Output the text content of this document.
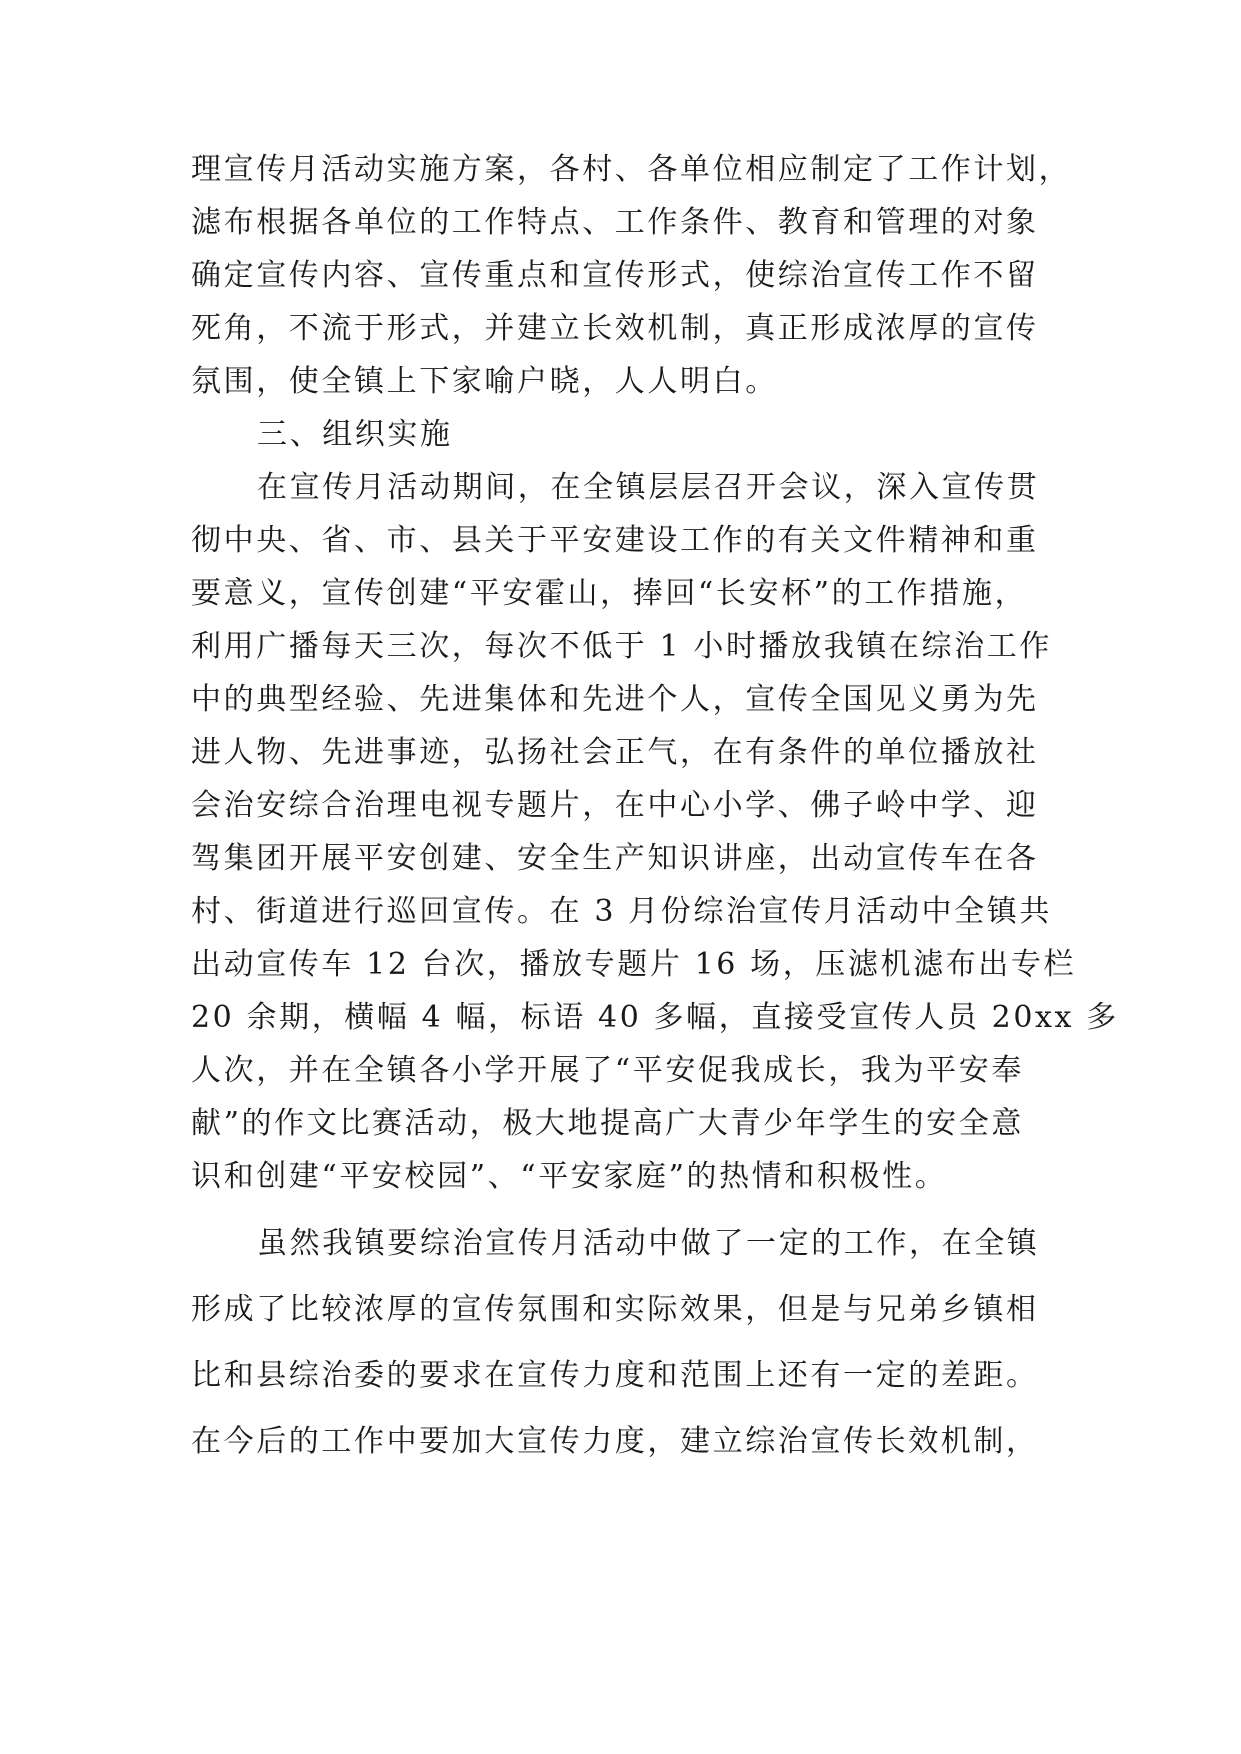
理宣传月活动实施方案，各村、各单位相应制定了工作计划，
滤布根据各单位的工作特点、工作条件、教育和管理的对象
确定宣传内容、宣传重点和宣传形式，使综治宣传工作不留
死角，不流于形式，并建立长效机制，真正形成浓厚的宣传
氛围，使全镇上下家喻户晓，人人明白。
三、组织实施
在宣传月活动期间，在全镇层层召开会议，深入宣传贯
彻中央、省、市、县关于平安建设工作的有关文件精神和重
要意义，宣传创建“平安霍山，捧回“长安杯”的工作措施，
利用广播每天三次，每次不低于 1 小时播放我镇在综治工作
中的典型经验、先进集体和先进个人，宣传全国见义勇为先
进人物、先进事迹，弘扬社会正气，在有条件的单位播放社
会治安综合治理电视专题片，在中心小学、佛子岭中学、迎
驾集团开展平安创建、安全生产知识讲座，出动宣传车在各
村、街道进行巡回宣传。在 3 月份综治宣传月活动中全镇共
出动宣传车 12 台次，播放专题片 16 场，压滤机滤布出专栏
20 余期，横幅 4 幅，标语 40 多幅，直接受宣传人员 20xx 多
人次，并在全镇各小学开展了“平安促我成长，我为平安奉
献”的作文比赛活动，极大地提高广大青少年学生的安全意
识和创建“平安校园”、“平安家庭”的热情和积极性。
虽然我镇要综治宣传月活动中做了一定的工作，在全镇
形成了比较浓厚的宣传氛围和实际效果，但是与兄弟乡镇相
比和县综治委的要求在宣传力度和范围上还有一定的差距。
在今后的工作中要加大宣传力度，建立综治宣传长效机制，
